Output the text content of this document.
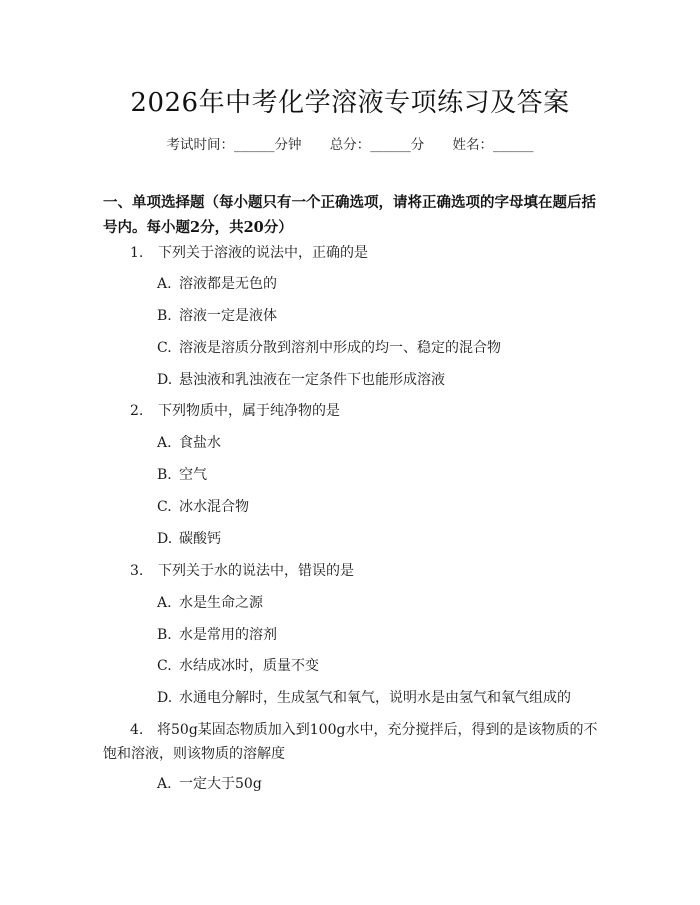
2026年中考化学溶液专项练习及答案
考试时间：______分钟 总分：______分 姓名：______
一、单项选择题（每小题只有一个正确选项，请将正确选项的字母填在题后括号内。每小题2分，共20分）
1. 下列关于溶液的说法中，正确的是
A. 溶液都是无色的
B. 溶液一定是液体
C. 溶液是溶质分散到溶剂中形成的均一、稳定的混合物
D. 悬浊液和乳浊液在一定条件下也能形成溶液
2. 下列物质中，属于纯净物的是
A. 食盐水
B. 空气
C. 冰水混合物
D. 碳酸钙
3. 下列关于水的说法中，错误的是
A. 水是生命之源
B. 水是常用的溶剂
C. 水结成冰时，质量不变
D. 水通电分解时，生成氢气和氧气，说明水是由氢气和氧气组成的
4. 将50g某固态物质加入到100g水中，充分搅拌后，得到的是该物质的不饱和溶液，则该物质的溶解度
A. 一定大于50g
